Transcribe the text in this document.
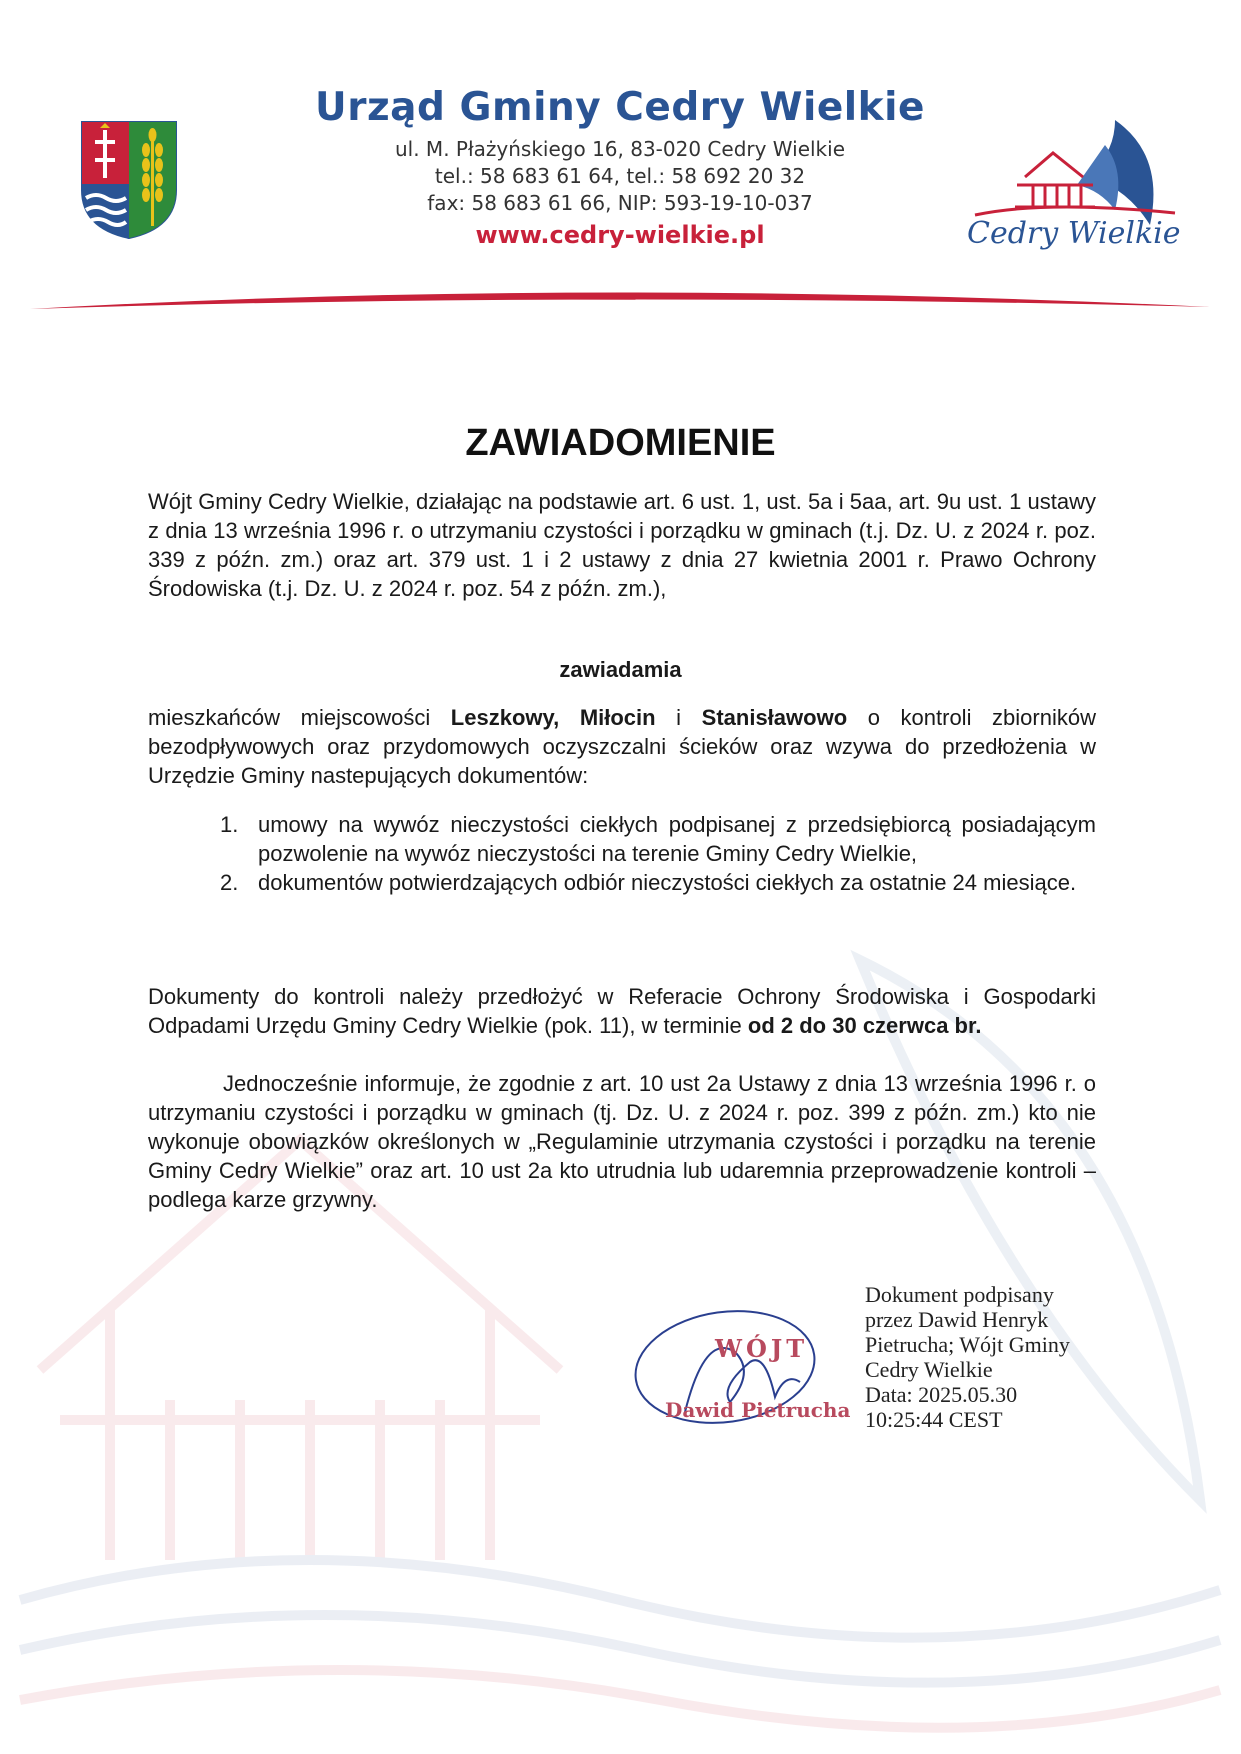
Urząd Gminy Cedry Wielkie
ul. M. Płażyńskiego 16, 83-020 Cedry Wielkie
tel.: 58 683 61 64, tel.: 58 692 20 32
fax: 58 683 61 66, NIP: 593-19-10-037
www.cedry-wielkie.pl	Cedry Wielkie
ZAWIADOMIENIE
Wójt Gminy Cedry Wielkie, działając na podstawie art. 6 ust. 1, ust. 5a i 5aa, art. 9u ust. 1 ustawy z dnia 13 września 1996 r. o utrzymaniu czystości i porządku w gminach (t.j. Dz. U. z 2024 r. poz. 339 z późn. zm.) oraz art. 379 ust. 1 i 2 ustawy z dnia 27 kwietnia 2001 r. Prawo Ochrony Środowiska (t.j. Dz. U. z 2024 r. poz. 54 z późn. zm.),
zawiadamia
mieszkańców miejscowości Leszkowy, Miłocin i Stanisławowo o kontroli zbiorników bezodpływowych oraz przydomowych oczyszczalni ścieków oraz wzywa do przedłożenia w Urzędzie Gminy nastepujących dokumentów:
1. umowy na wywóz nieczystości ciekłych podpisanej z przedsiębiorcą posiadającym pozwolenie na wywóz nieczystości na terenie Gminy Cedry Wielkie,
2. dokumentów potwierdzających odbiór nieczystości ciekłych za ostatnie 24 miesiące.
Dokumenty do kontroli należy przedłożyć w Referacie Ochrony Środowiska i Gospodarki Odpadami Urzędu Gminy Cedry Wielkie (pok. 11), w terminie od 2 do 30 czerwca br.
Jednocześnie informuje, że zgodnie z art. 10 ust 2a Ustawy z dnia 13 września 1996 r. o utrzymaniu czystości i porządku w gminach (tj. Dz. U. z 2024 r. poz. 399 z późn. zm.) kto nie wykonuje obowiązków określonych w „Regulaminie utrzymania czystości i porządku na terenie Gminy Cedry Wielkie” oraz art. 10 ust 2a kto utrudnia lub udaremnia przeprowadzenie kontroli – podlega karze grzywny.
WÓJT
Dawid Pietrucha
Dokument podpisany
przez Dawid Henryk
Pietrucha; Wójt Gminy
Cedry Wielkie
Data: 2025.05.30
10:25:44 CEST
